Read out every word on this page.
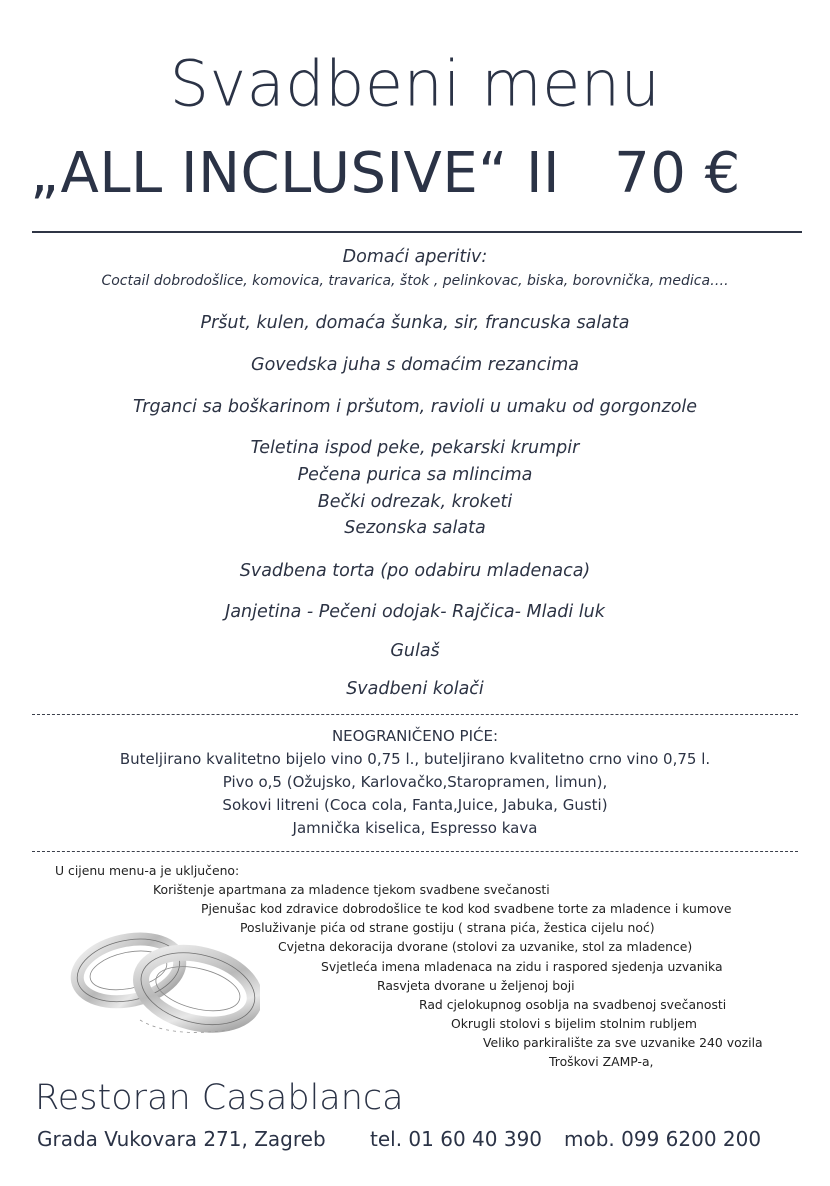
Svadbeni menu
„ALL INCLUSIVE“ II 70 €
Domaći aperitiv:
Coctail dobrodošlice, komovica, travarica, štok , pelinkovac, biska, borovnička, medica….
Pršut, kulen, domaća šunka, sir, francuska salata
Govedska juha s domaćim rezancima
Trganci sa boškarinom i pršutom, ravioli u umaku od gorgonzole
Teletina ispod peke, pekarski krumpir
Pečena purica sa mlincima
Bečki odrezak, kroketi
Sezonska salata
Svadbena torta (po odabiru mladenaca)
Janjetina - Pečeni odojak- Rajčica- Mladi luk
Gulaš
Svadbeni kolači
NEOGRANIČENO PIĆE:
Buteljirano kvalitetno bijelo vino 0,75 l., buteljirano kvalitetno crno vino 0,75 l.
Pivo o,5 (Ožujsko, Karlovačko,Staropramen, limun),
Sokovi litreni (Coca cola, Fanta,Juice, Jabuka, Gusti)
Jamnička kiselica, Espresso kava
U cijenu menu-a je uključeno:
Korištenje apartmana za mladence tjekom svadbene svečanosti
Pjenušac kod zdravice dobrodošlice te kod kod svadbene torte za mladence i kumove
Posluživanje pića od strane gostiju ( strana pića, žestica cijelu noć)
Cvjetna dekoracija dvorane (stolovi za uzvanike, stol za mladence)
Svjetleća imena mladenaca na zidu i raspored sjedenja uzvanika
Rasvjeta dvorane u željenoj boji
Rad cjelokupnog osoblja na svadbenoj svečanosti
Okrugli stolovi s bijelim stolnim rubljem
Veliko parkiralište za sve uzvanike 240 vozila
Troškovi ZAMP-a,
Restoran Casablanca
Grada Vukovara 271, Zagreb tel. 01 60 40 390 mob. 099 6200 200
